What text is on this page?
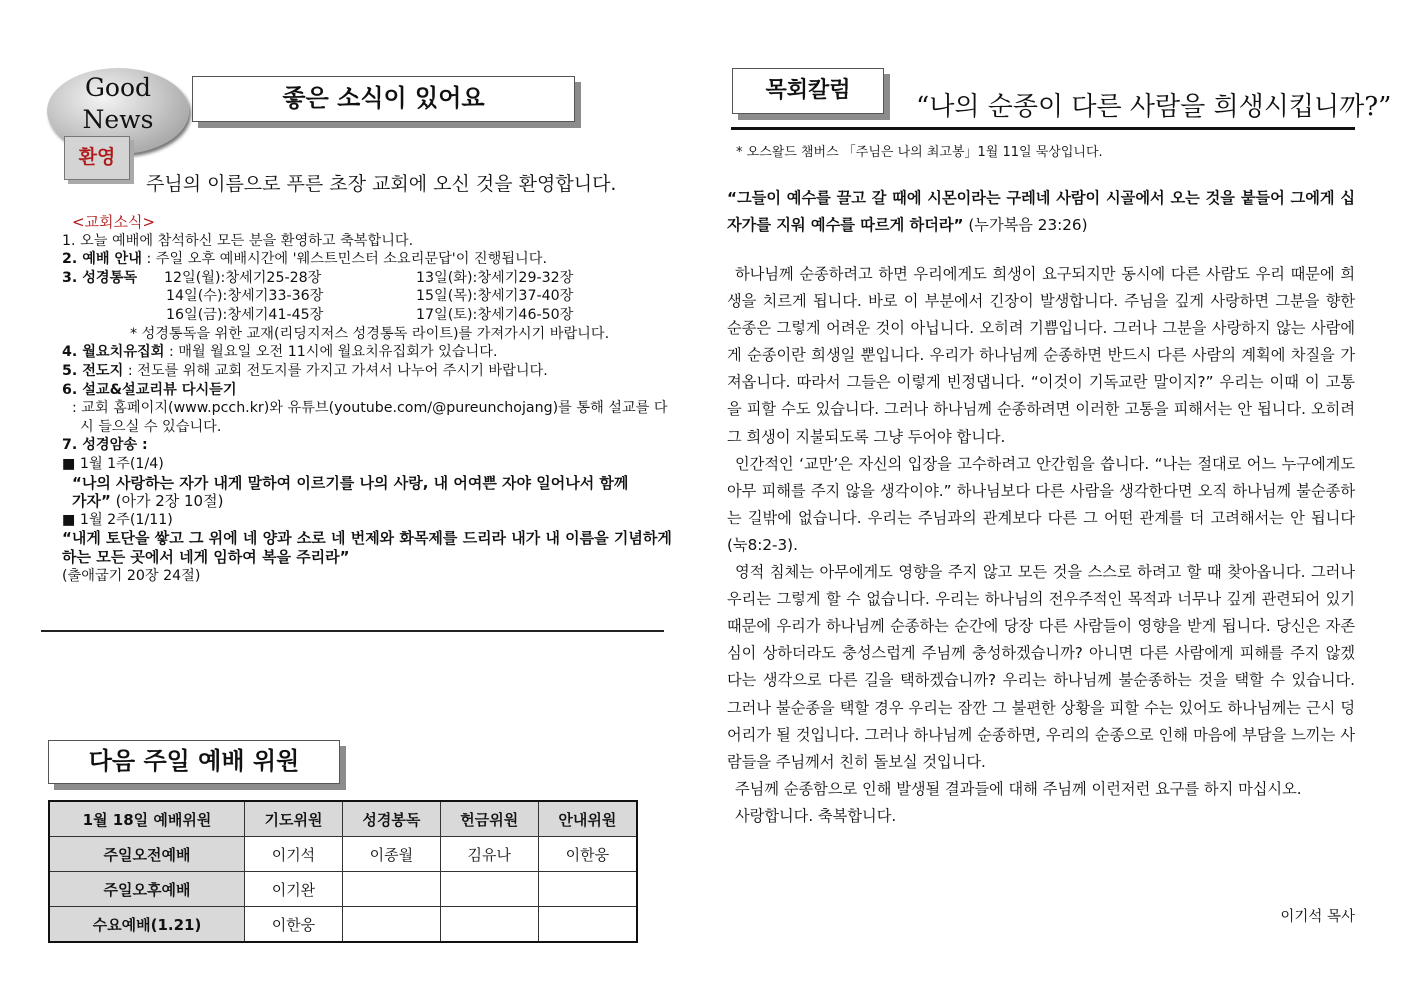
Good
News
좋은 소식이 있어요
환영
주님의 이름으로 푸른 초장 교회에 오신 것을 환영합니다.
<교회소식>
1. 오늘 예배에 참석하신 모든 분을 환영하고 축복합니다.
2. 예배 안내 : 주일 오후 예배시간에 '웨스트민스터 소요리문답'이 진행됩니다.
3. 성경통독	12일(월):창세기25-28장	13일(화):창세기29-32장
14일(수):창세기33-36장	15일(목):창세기37-40장
16일(금):창세기41-45장	17일(토):창세기46-50장
* 성경통독을 위한 교재(리딩지저스 성경통독 라이트)를 가져가시기 바랍니다.
4. 월요치유집회 : 매월 월요일 오전 11시에 월요치유집회가 있습니다.
5. 전도지 : 전도를 위해 교회 전도지를 가지고 가셔서 나누어 주시기 바랍니다.
6. 설교&설교리뷰 다시듣기
: 교회 홈페이지(www.pcch.kr)와 유튜브(youtube.com/@pureunchojang)를 통해 설교를 다시 들으실 수 있습니다.
7. 성경암송 :
■ 1월 1주(1/4)
“나의 사랑하는 자가 내게 말하여 이르기를 나의 사랑, 내 어여쁜 자야 일어나서 함께 가자” (아가 2장 10절)
■ 1월 2주(1/11)
“내게 토단을 쌓고 그 위에 네 양과 소로 네 번제와 화목제를 드리라 내가 내 이름을 기념하게 하는 모든 곳에서 네게 임하여 복을 주리라”
(출애굽기 20장 24절)
다음 주일 예배 위원
1월 18일 예배위원	기도위원	성경봉독	헌금위원	안내위원
주일오전예배	이기석	이종월	김유나	이한웅
주일오후예배	이기완			
수요예배(1.21)	이한웅			
목회칼럼
“나의 순종이 다른 사람을 희생시킵니까?”
* 오스왈드 챔버스 「주님은 나의 최고봉」1월 11일 묵상입니다.
“그들이 예수를 끌고 갈 때에 시몬이라는 구레네 사람이 시골에서 오는 것을 붙들어 그에게 십자가를 지워 예수를 따르게 하더라” (누가복음 23:26)

하나님께 순종하려고 하면 우리에게도 희생이 요구되지만 동시에 다른 사람도 우리 때문에 희생을 치르게 됩니다. 바로 이 부분에서 긴장이 발생합니다. 주님을 깊게 사랑하면 그분을 향한 순종은 그렇게 어려운 것이 아닙니다. 오히려 기쁨입니다. 그러나 그분을 사랑하지 않는 사람에게 순종이란 희생일 뿐입니다. 우리가 하나님께 순종하면 반드시 다른 사람의 계획에 차질을 가져옵니다. 따라서 그들은 이렇게 빈정댑니다. “이것이 기독교란 말이지?” 우리는 이때 이 고통을 피할 수도 있습니다. 그러나 하나님께 순종하려면 이러한 고통을 피해서는 안 됩니다. 오히려 그 희생이 지불되도록 그냥 두어야 합니다.

인간적인 ‘교만’은 자신의 입장을 고수하려고 안간힘을 씁니다. “나는 절대로 어느 누구에게도 아무 피해를 주지 않을 생각이야.” 하나님보다 다른 사람을 생각한다면 오직 하나님께 불순종하는 길밖에 없습니다. 우리는 주님과의 관계보다 다른 그 어떤 관계를 더 고려해서는 안 됩니다(눅8:2-3).

영적 침체는 아무에게도 영향을 주지 않고 모든 것을 스스로 하려고 할 때 찾아옵니다. 그러나 우리는 그렇게 할 수 없습니다. 우리는 하나님의 전우주적인 목적과 너무나 깊게 관련되어 있기 때문에 우리가 하나님께 순종하는 순간에 당장 다른 사람들이 영향을 받게 됩니다. 당신은 자존심이 상하더라도 충성스럽게 주님께 충성하겠습니까? 아니면 다른 사람에게 피해를 주지 않겠다는 생각으로 다른 길을 택하겠습니까? 우리는 하나님께 불순종하는 것을 택할 수 있습니다. 그러나 불순종을 택할 경우 우리는 잠깐 그 불편한 상황을 피할 수는 있어도 하나님께는 근시 덩어리가 될 것입니다. 그러나 하나님께 순종하면, 우리의 순종으로 인해 마음에 부담을 느끼는 사람들을 주님께서 친히 돌보실 것입니다.

주님께 순종함으로 인해 발생될 결과들에 대해 주님께 이런저런 요구를 하지 마십시오.

사랑합니다. 축복합니다.

이기석 목사
